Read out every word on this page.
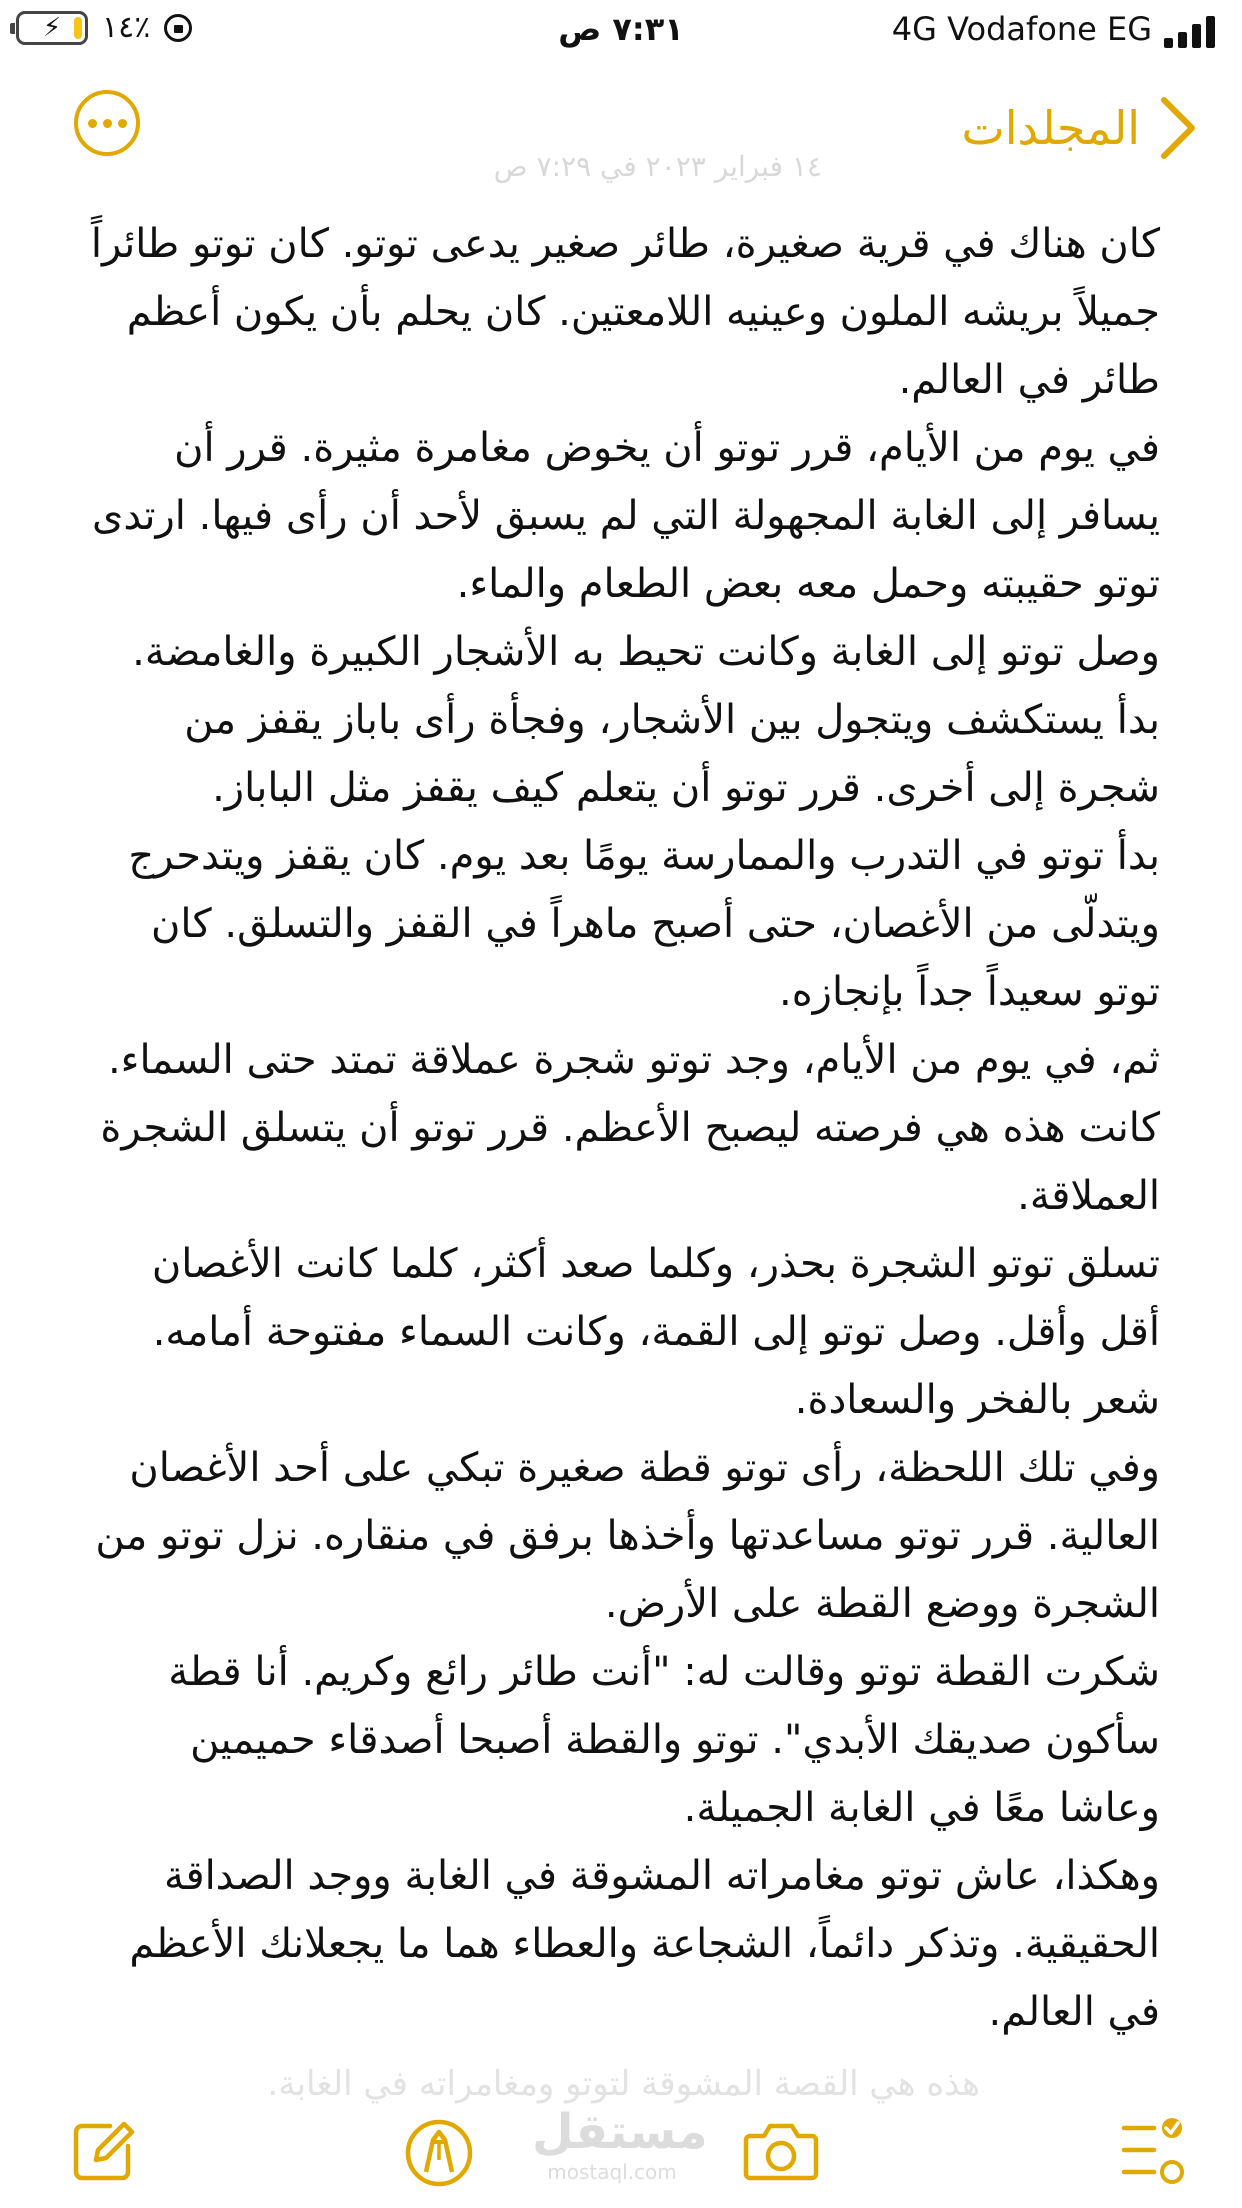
⚡	٪١٤	٧:٣١ ص	4G Vodafone EG
المجلدات
١٤ فبراير ٢٠٢٣ في ٧:٢٩ ص

كان هناك في قرية صغيرة، طائر صغير يدعى توتو. كان توتو طائراً جميلاً بريشه الملون وعينيه اللامعتين. كان يحلم بأن يكون أعظم طائر في العالم.

في يوم من الأيام، قرر توتو أن يخوض مغامرة مثيرة. قرر أن يسافر إلى الغابة المجهولة التي لم يسبق لأحد أن رأى فيها. ارتدى توتو حقيبته وحمل معه بعض الطعام والماء.

وصل توتو إلى الغابة وكانت تحيط به الأشجار الكبيرة والغامضة. بدأ يستكشف ويتجول بين الأشجار، وفجأة رأى باباز يقفز من شجرة إلى أخرى. قرر توتو أن يتعلم كيف يقفز مثل الباباز.

بدأ توتو في التدرب والممارسة يومًا بعد يوم. كان يقفز ويتدحرج ويتدلّى من الأغصان، حتى أصبح ماهراً في القفز والتسلق. كان توتو سعيداً جداً بإنجازه.

ثم، في يوم من الأيام، وجد توتو شجرة عملاقة تمتد حتى السماء. كانت هذه هي فرصته ليصبح الأعظم. قرر توتو أن يتسلق الشجرة العملاقة.

تسلق توتو الشجرة بحذر، وكلما صعد أكثر، كلما كانت الأغصان أقل وأقل. وصل توتو إلى القمة، وكانت السماء مفتوحة أمامه. شعر بالفخر والسعادة.

وفي تلك اللحظة، رأى توتو قطة صغيرة تبكي على أحد الأغصان العالية. قرر توتو مساعدتها وأخذها برفق في منقاره. نزل توتو من الشجرة ووضع القطة على الأرض.

شكرت القطة توتو وقالت له: "أنت طائر رائع وكريم. أنا قطة سأكون صديقك الأبدي". توتو والقطة أصبحا أصدقاء حميمين وعاشا معًا في الغابة الجميلة.

وهكذا، عاش توتو مغامراته المشوقة في الغابة ووجد الصداقة الحقيقية. وتذكر دائماً، الشجاعة والعطاء هما ما يجعلانك الأعظم في العالم.

هذه هي القصة المشوقة لتوتو ومغامراته في الغابة.
مستقل
mostaql.com
